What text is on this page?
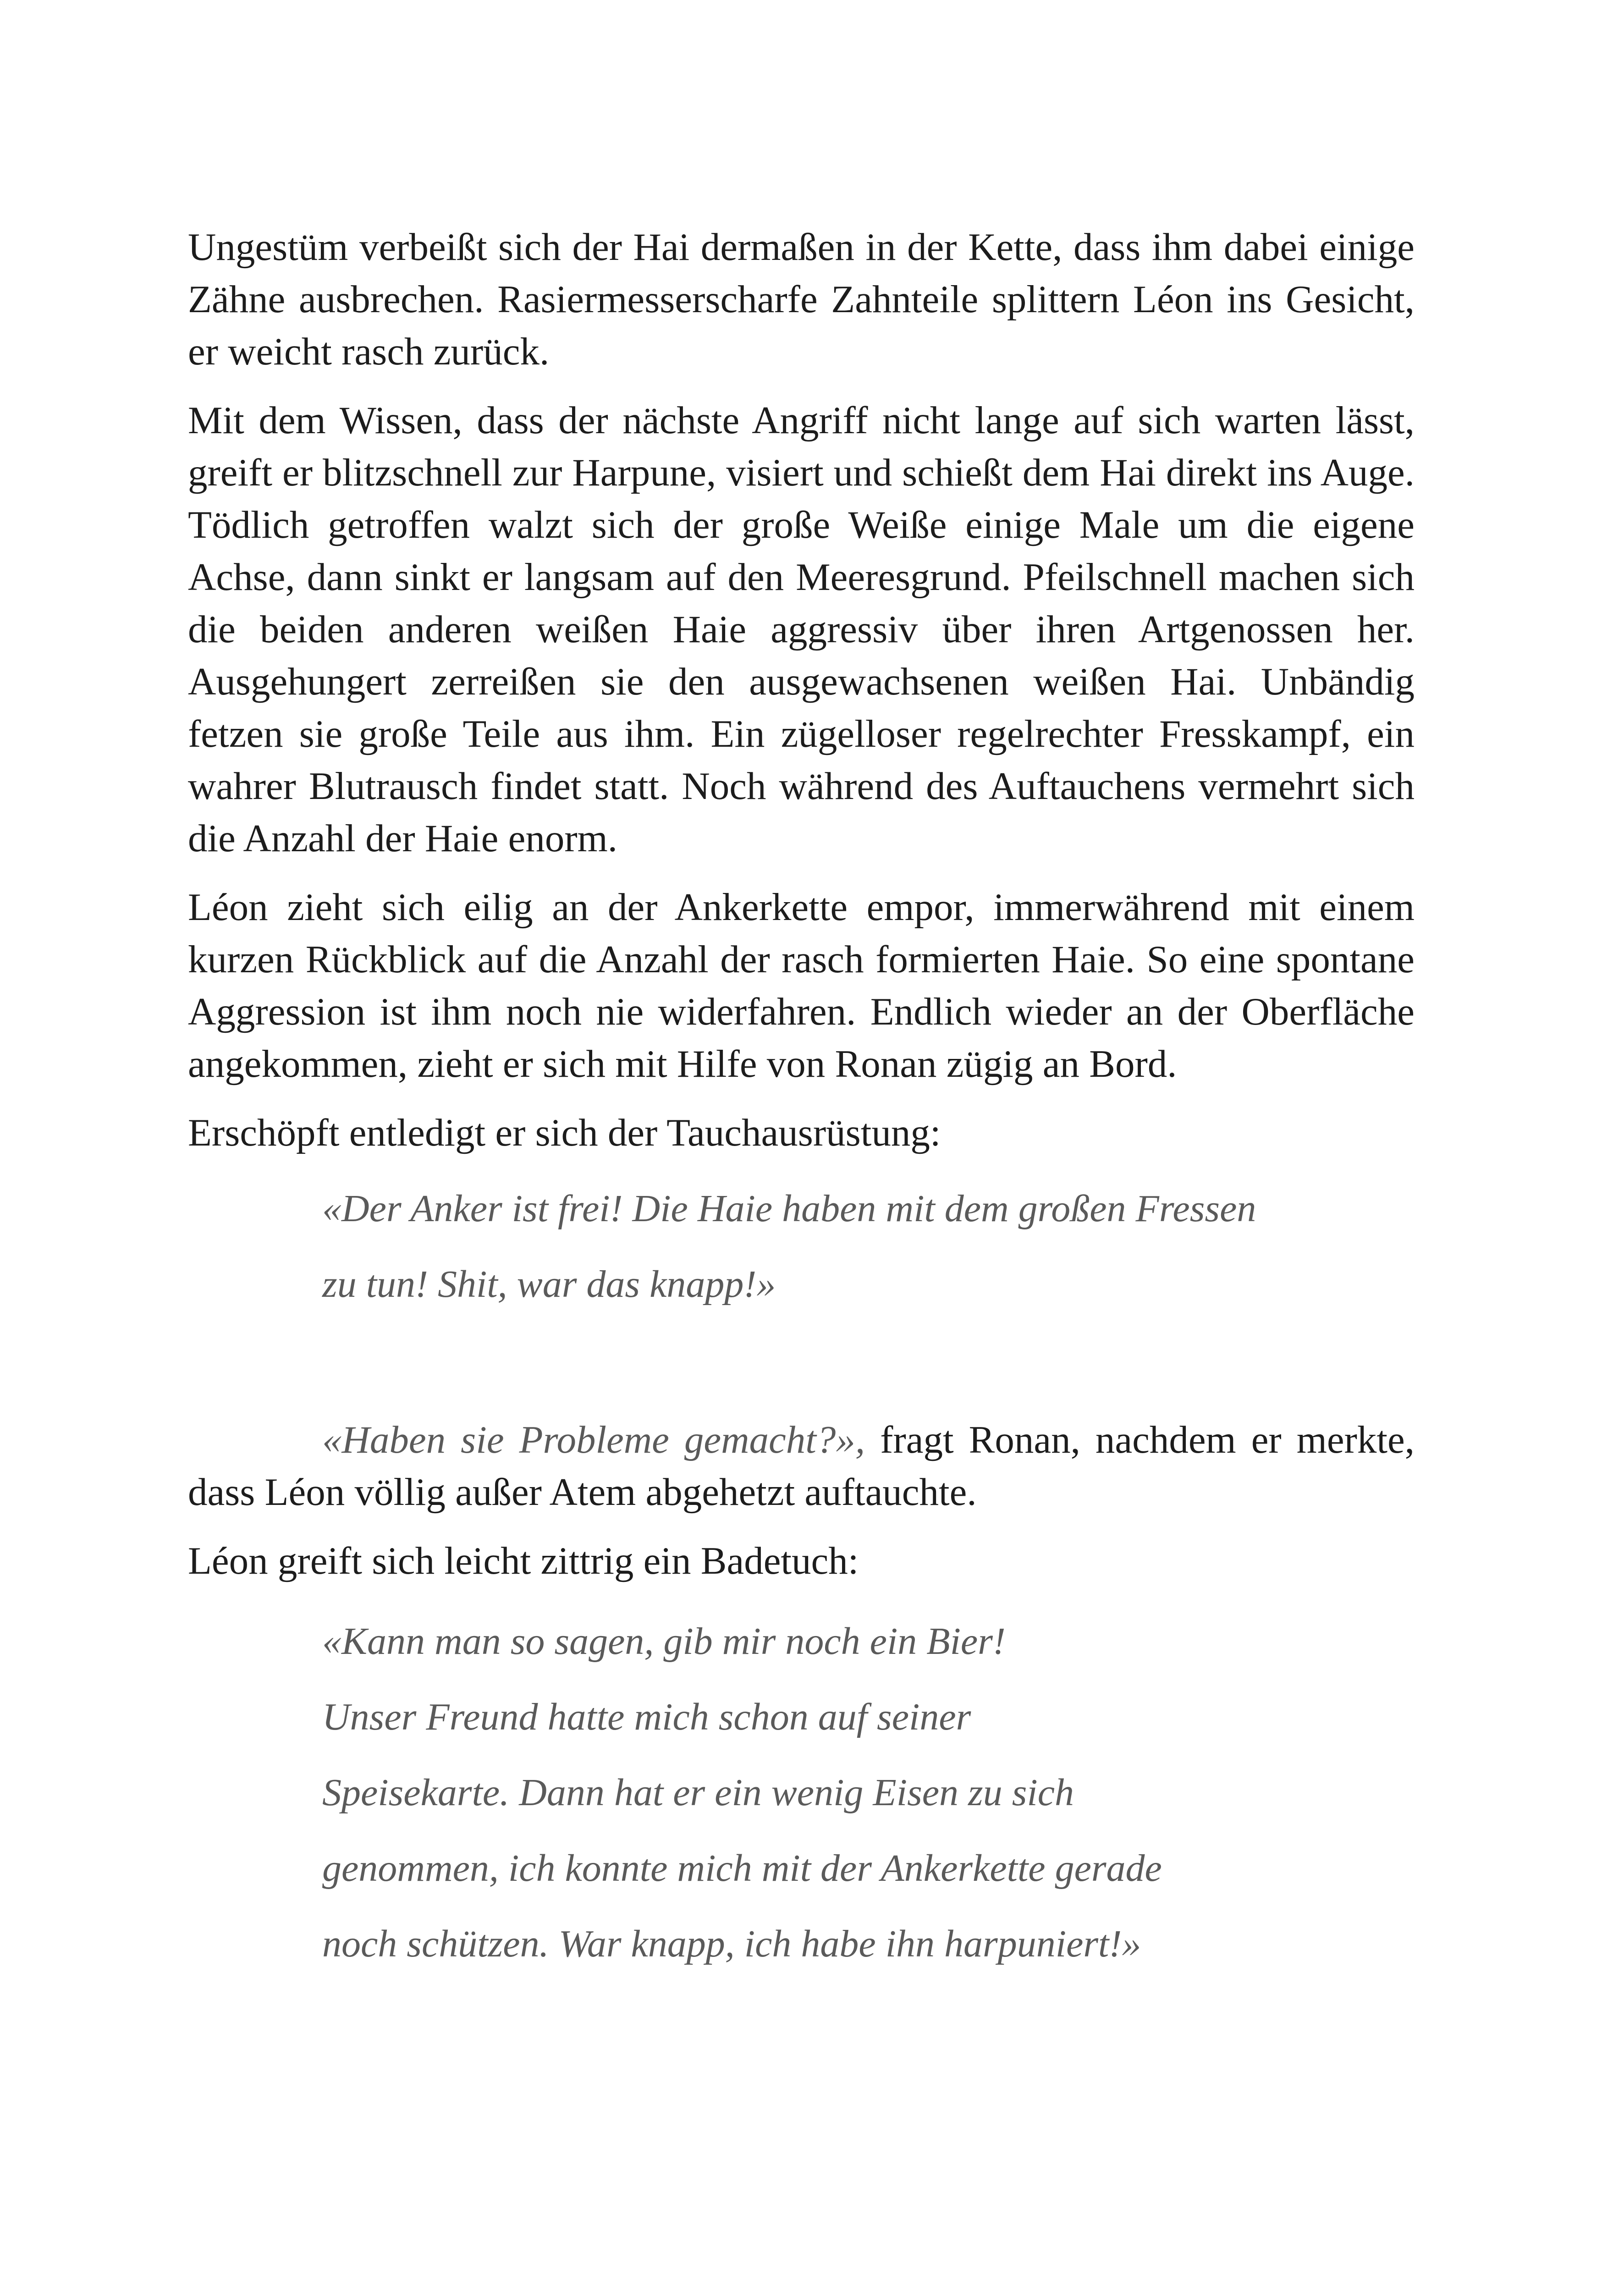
Ungestüm verbeißt sich der Hai dermaßen in der Kette, dass ihm dabei einige Zähne ausbrechen. Rasiermesserscharfe Zahnteile splittern Léon ins Gesicht, er weicht rasch zurück.

Mit dem Wissen, dass der nächste Angriff nicht lange auf sich warten lässt, greift er blitzschnell zur Harpune, visiert und schießt dem Hai direkt ins Auge. Tödlich getroffen walzt sich der große Weiße einige Male um die eigene Achse, dann sinkt er langsam auf den Meeresgrund. Pfeilschnell machen sich die beiden anderen weißen Haie aggressiv über ihren Artgenossen her. Ausgehungert zerreißen sie den ausgewachsenen weißen Hai. Unbändig fetzen sie große Teile aus ihm. Ein zügelloser regelrechter Fresskampf, ein wahrer Blutrausch findet statt. Noch während des Auftauchens vermehrt sich die Anzahl der Haie enorm.

Léon zieht sich eilig an der Ankerkette empor, immerwährend mit einem kurzen Rückblick auf die Anzahl der rasch formierten Haie. So eine spontane Aggression ist ihm noch nie widerfahren. Endlich wieder an der Oberfläche angekommen, zieht er sich mit Hilfe von Ronan zügig an Bord.

Erschöpft entledigt er sich der Tauchausrüstung:

«Der Anker ist frei! Die Haie haben mit dem großen Fressen
zu tun! Shit, war das knapp!»

«Haben sie Probleme gemacht?», fragt Ronan, nachdem er merkte, dass Léon völlig außer Atem abgehetzt auftauchte.

Léon greift sich leicht zittrig ein Badetuch:

«Kann man so sagen, gib mir noch ein Bier!
Unser Freund hatte mich schon auf seiner
Speisekarte. Dann hat er ein wenig Eisen zu sich
genommen, ich konnte mich mit der Ankerkette gerade
noch schützen. War knapp, ich habe ihn harpuniert!»
